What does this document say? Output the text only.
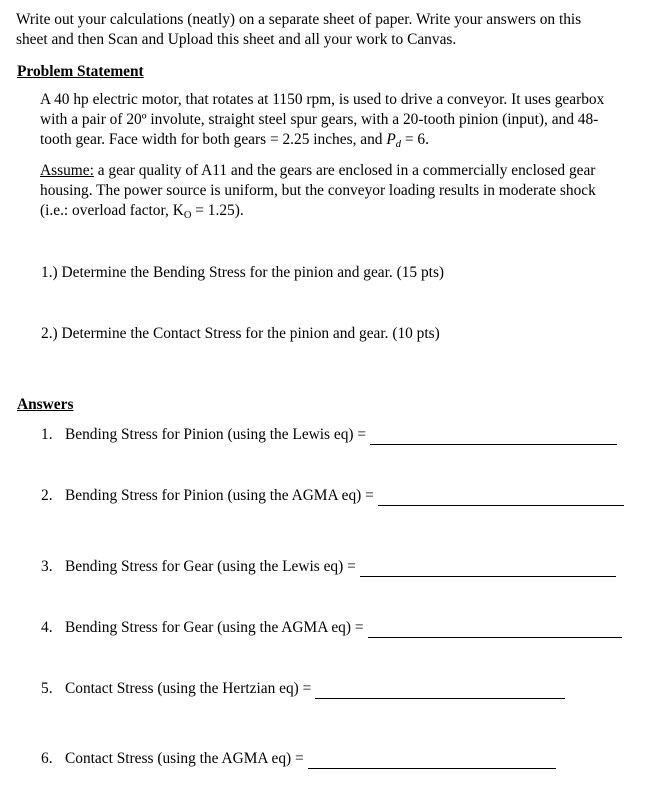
Write out your calculations (neatly) on a separate sheet of paper. Write your answers on this
sheet and then Scan and Upload this sheet and all your work to Canvas.
Problem Statement

A 40 hp electric motor, that rotates at 1150 rpm, is used to drive a conveyor. It uses gearbox
with a pair of 20º involute, straight steel spur gears, with a 20-tooth pinion (input), and 48-
tooth gear. Face width for both gears = 2.25 inches, and $P_d = 6$.

Assume: a gear quality of A11 and the gears are enclosed in a commercially enclosed gear
housing. The power source is uniform, but the conveyor loading results in moderate shock
(i.e.: overload factor, $K_O = 1.25$).

1.) Determine the Bending Stress for the pinion and gear. (15 pts)
2.) Determine the Contact Stress for the pinion and gear. (10 pts)
Answers
1. Bending Stress for Pinion (using the Lewis eq) =
2. Bending Stress for Pinion (using the AGMA eq) =
3. Bending Stress for Gear (using the Lewis eq) =
4. Bending Stress for Gear (using the AGMA eq) =
5. Contact Stress (using the Hertzian eq) =
6. Contact Stress (using the AGMA eq) =
